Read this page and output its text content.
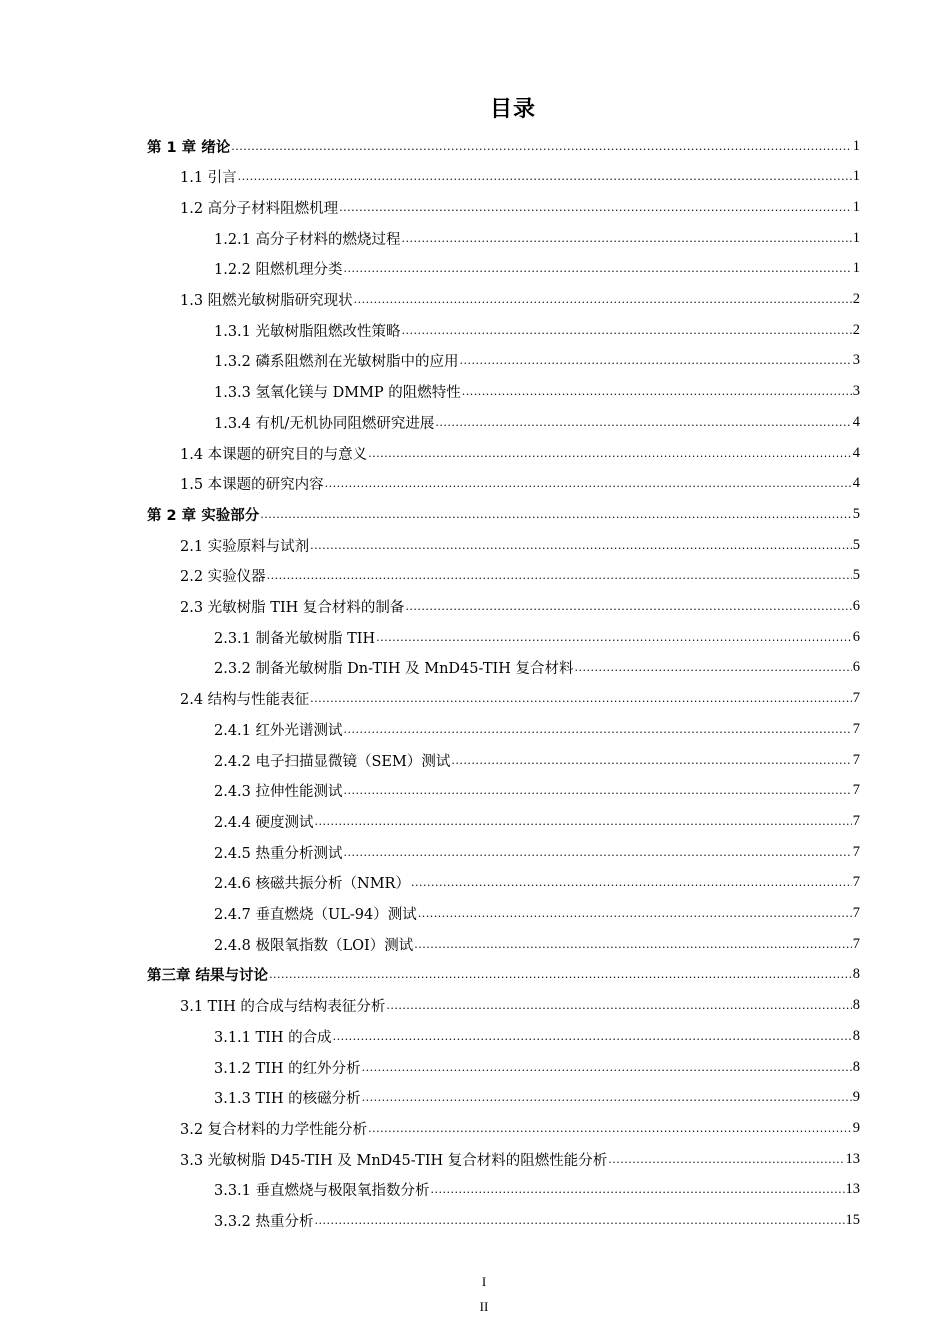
目录
第 1 章 绪论 .....	1
1.1 引言 .....	1
1.2 高分子材料阻燃机理 .....	1
1.2.1 高分子材料的燃烧过程 .....	1
1.2.2 阻燃机理分类 .....	1
1.3 阻燃光敏树脂研究现状 .....	2
1.3.1 光敏树脂阻燃改性策略 .....	2
1.3.2 磷系阻燃剂在光敏树脂中的应用 .....	3
1.3.3 氢氧化镁与 DMMP 的阻燃特性 .....	3
1.3.4 有机/无机协同阻燃研究进展 .....	4
1.4 本课题的研究目的与意义 .....	4
1.5 本课题的研究内容 .....	4
第 2 章 实验部分 .....	5
2.1 实验原料与试剂 .....	5
2.2 实验仪器 .....	5
2.3 光敏树脂 TIH 复合材料的制备 .....	6
2.3.1 制备光敏树脂 TIH .....	6
2.3.2 制备光敏树脂 Dn-TIH 及 MnD45-TIH 复合材料 .....	6
2.4 结构与性能表征 .....	7
2.4.1 红外光谱测试 .....	7
2.4.2 电子扫描显微镜（SEM）测试 .....	7
2.4.3 拉伸性能测试 .....	7
2.4.4 硬度测试 .....	7
2.4.5 热重分析测试 .....	7
2.4.6 核磁共振分析（NMR） .....	7
2.4.7 垂直燃烧（UL-94）测试 .....	7
2.4.8 极限氧指数（LOI）测试 .....	7
第三章 结果与讨论 .....	8
3.1 TIH 的合成与结构表征分析 .....	8
3.1.1 TIH 的合成 .....	8
3.1.2 TIH 的红外分析 .....	8
3.1.3 TIH 的核磁分析 .....	9
3.2 复合材料的力学性能分析 .....	9
3.3 光敏树脂 D45-TIH 及 MnD45-TIH 复合材料的阻燃性能分析 .....	13
3.3.1 垂直燃烧与极限氧指数分析 .....	13
3.3.2 热重分析 .....	15
I
II
